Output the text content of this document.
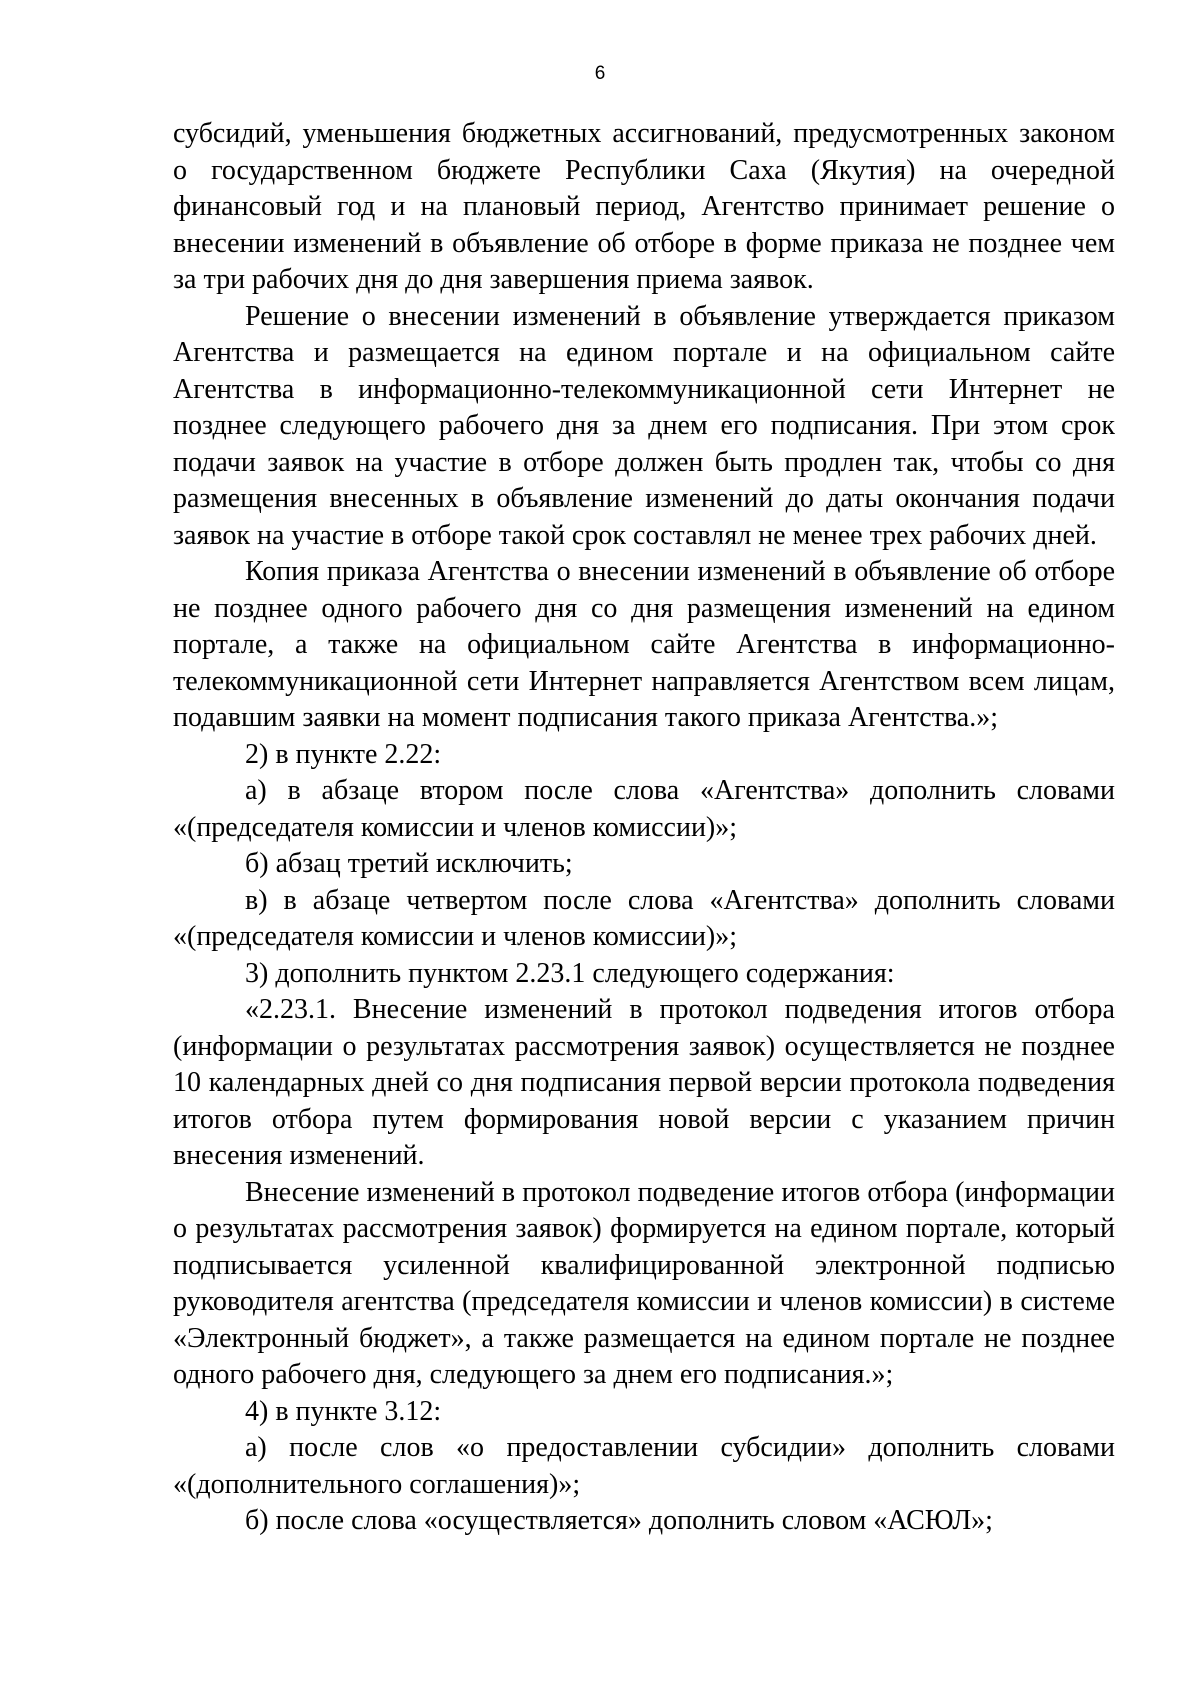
6

субсидий, уменьшения бюджетных ассигнований, предусмотренных законом о государственном бюджете Республики Саха (Якутия) на очередной финансовый год и на плановый период, Агентство принимает решение о внесении изменений в объявление об отборе в форме приказа не позднее чем за три рабочих дня до дня завершения приема заявок.

Решение о внесении изменений в объявление утверждается приказом Агентства и размещается на едином портале и на официальном сайте Агентства в информационно-телекоммуникационной сети Интернет не позднее следующего рабочего дня за днем его подписания. При этом срок подачи заявок на участие в отборе должен быть продлен так, чтобы со дня размещения внесенных в объявление изменений до даты окончания подачи заявок на участие в отборе такой срок составлял не менее трех рабочих дней.

Копия приказа Агентства о внесении изменений в объявление об отборе не позднее одного рабочего дня со дня размещения изменений на едином портале, а также на официальном сайте Агентства в информационно-телекоммуникационной сети Интернет направляется Агентством всем лицам, подавшим заявки на момент подписания такого приказа Агентства.»;

2) в пункте 2.22:

а) в абзаце втором после слова «Агентства» дополнить словами «(председателя комиссии и членов комиссии)»;

б) абзац третий исключить;

в) в абзаце четвертом после слова «Агентства» дополнить словами «(председателя комиссии и членов комиссии)»;

3) дополнить пунктом 2.23.1 следующего содержания:

«2.23.1. Внесение изменений в протокол подведения итогов отбора (информации о результатах рассмотрения заявок) осуществляется не позднее 10 календарных дней со дня подписания первой версии протокола подведения итогов отбора путем формирования новой версии с указанием причин внесения изменений.

Внесение изменений в протокол подведение итогов отбора (информации о результатах рассмотрения заявок) формируется на едином портале, который подписывается усиленной квалифицированной электронной подписью руководителя агентства (председателя комиссии и членов комиссии) в системе «Электронный бюджет», а также размещается на едином портале не позднее одного рабочего дня, следующего за днем его подписания.»;

4) в пункте 3.12:

а) после слов «о предоставлении субсидии» дополнить словами «(дополнительного соглашения)»;

б) после слова «осуществляется» дополнить словом «АСЮЛ»;
